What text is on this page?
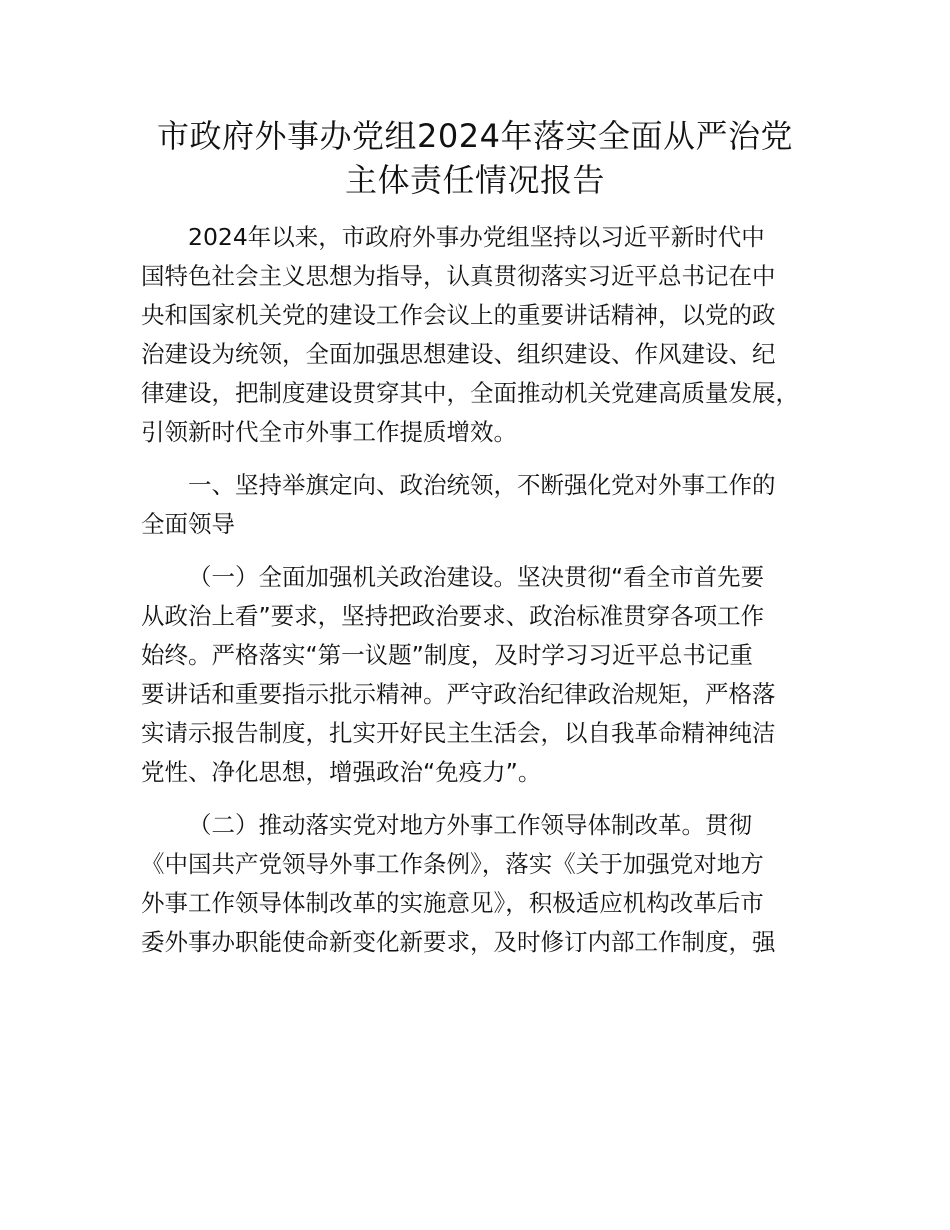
市政府外事办党组2024年落实全面从严治党
主体责任情况报告
2024年以来，市政府外事办党组坚持以习近平新时代中
国特色社会主义思想为指导，认真贯彻落实习近平总书记在中
央和国家机关党的建设工作会议上的重要讲话精神，以党的政
治建设为统领，全面加强思想建设、组织建设、作风建设、纪
律建设，把制度建设贯穿其中，全面推动机关党建高质量发展，
引领新时代全市外事工作提质增效。
一、坚持举旗定向、政治统领，不断强化党对外事工作的
全面领导
（一）全面加强机关政治建设。坚决贯彻“看全市首先要
从政治上看”要求，坚持把政治要求、政治标准贯穿各项工作
始终。严格落实“第一议题”制度，及时学习习近平总书记重
要讲话和重要指示批示精神。严守政治纪律政治规矩，严格落
实请示报告制度，扎实开好民主生活会，以自我革命精神纯洁
党性、净化思想，增强政治“免疫力”。
（二）推动落实党对地方外事工作领导体制改革。贯彻
《中国共产党领导外事工作条例》，落实《关于加强党对地方
外事工作领导体制改革的实施意见》，积极适应机构改革后市
委外事办职能使命新变化新要求，及时修订内部工作制度，强
